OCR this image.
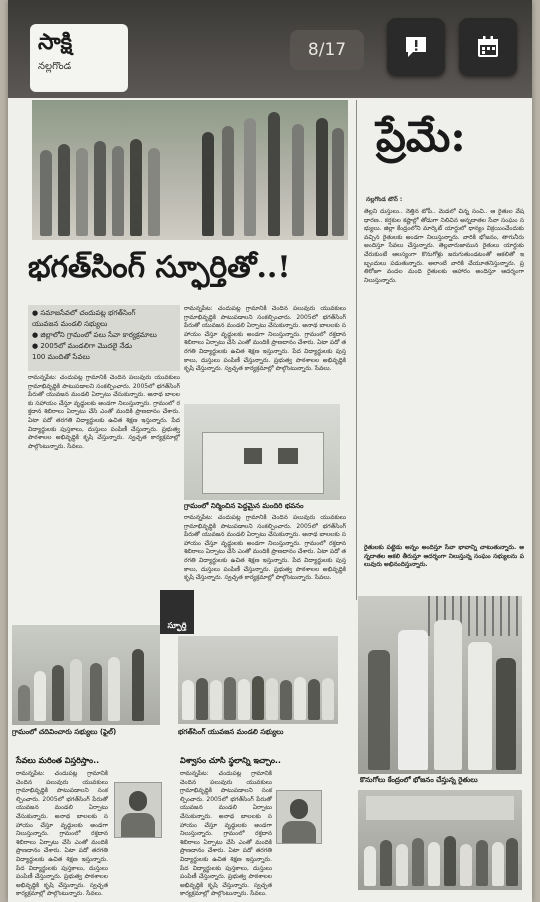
సాక్షి
నల్లగొండ
8/17
ప్రేమే:
భగత్‌సింగ్ స్ఫూర్తితో..!
● సమాజసేవలో చందుపట్ల భగత్‌సింగ్
యువజన మండలి సభ్యులు
● జిల్లాలోని గ్రామంలో పలు సేవా కార్యక్రమాలు
● 2005లో మండలిగా మొదలై నేడు
100 మందితో సేవలు
రామన్నపేట: చందుపట్ల గ్రామానికి చెందిన పలువురు యువకులు గ్రామాభివృద్ధికి పాటుపడాలని సంకల్పించారు. 2005లో భగత్‌సింగ్ పేరుతో యువజన మండలి ఏర్పాటు చేసుకున్నారు. అనాథ బాలలకు సహాయం చేస్తూ వృద్ధులకు అండగా నిలుస్తున్నారు. గ్రామంలో రక్తదాన శిబిరాలు ఏర్పాటు చేసి ఎంతో మందికి ప్రాణదానం చేశారు. ఏటా పదో తరగతి విద్యార్థులకు ఉచిత శిక్షణ ఇస్తున్నారు. పేద విద్యార్థులకు పుస్తకాలు, దుస్తులు పంపిణీ చేస్తున్నారు. ప్రభుత్వ పాఠశాలల అభివృద్ధికి కృషి చేస్తున్నారు. స్వచ్ఛత కార్యక్రమాల్లో పాల్గొంటున్నారు. సేవలు.
రామన్నపేట: చందుపట్ల గ్రామానికి చెందిన పలువురు యువకులు గ్రామాభివృద్ధికి పాటుపడాలని సంకల్పించారు. 2005లో భగత్‌సింగ్ పేరుతో యువజన మండలి ఏర్పాటు చేసుకున్నారు. అనాథ బాలలకు సహాయం చేస్తూ వృద్ధులకు అండగా నిలుస్తున్నారు. గ్రామంలో రక్తదాన శిబిరాలు ఏర్పాటు చేసి ఎంతో మందికి ప్రాణదానం చేశారు. ఏటా పదో తరగతి విద్యార్థులకు ఉచిత శిక్షణ ఇస్తున్నారు. పేద విద్యార్థులకు పుస్తకాలు, దుస్తులు పంపిణీ చేస్తున్నారు. ప్రభుత్వ పాఠశాలల అభివృద్ధికి కృషి చేస్తున్నారు. స్వచ్ఛత కార్యక్రమాల్లో పాల్గొంటున్నారు. సేవలు.
గ్రామంలో నిర్మించిన పెద్దమైన మందిరి భవనం
రామన్నపేట: చందుపట్ల గ్రామానికి చెందిన పలువురు యువకులు గ్రామాభివృద్ధికి పాటుపడాలని సంకల్పించారు. 2005లో భగత్‌సింగ్ పేరుతో యువజన మండలి ఏర్పాటు చేసుకున్నారు. అనాథ బాలలకు సహాయం చేస్తూ వృద్ధులకు అండగా నిలుస్తున్నారు. గ్రామంలో రక్తదాన శిబిరాలు ఏర్పాటు చేసి ఎంతో మందికి ప్రాణదానం చేశారు. ఏటా పదో తరగతి విద్యార్థులకు ఉచిత శిక్షణ ఇస్తున్నారు. పేద విద్యార్థులకు పుస్తకాలు, దుస్తులు పంపిణీ చేస్తున్నారు. ప్రభుత్వ పాఠశాలల అభివృద్ధికి కృషి చేస్తున్నారు. స్వచ్ఛత కార్యక్రమాల్లో పాల్గొంటున్నారు. సేవలు.
స్ఫూర్తి
గ్రామంలో చదివించారు సభ్యులు (ఫైల్)	భగత్‌సింగ్ యువజన మండలి సభ్యులు
సేవలు మరింత విస్తరిస్తాం..
రామన్నపేట: చందుపట్ల గ్రామానికి చెందిన పలువురు యువకులు గ్రామాభివృద్ధికి పాటుపడాలని సంకల్పించారు. 2005లో భగత్‌సింగ్ పేరుతో యువజన మండలి ఏర్పాటు చేసుకున్నారు. అనాథ బాలలకు సహాయం చేస్తూ వృద్ధులకు అండగా నిలుస్తున్నారు. గ్రామంలో రక్తదాన శిబిరాలు ఏర్పాటు చేసి ఎంతో మందికి ప్రాణదానం చేశారు. ఏటా పదో తరగతి విద్యార్థులకు ఉచిత శిక్షణ ఇస్తున్నారు. పేద విద్యార్థులకు పుస్తకాలు, దుస్తులు పంపిణీ చేస్తున్నారు. ప్రభుత్వ పాఠశాలల అభివృద్ధికి కృషి చేస్తున్నారు. స్వచ్ఛత కార్యక్రమాల్లో పాల్గొంటున్నారు. సేవలు.
విశ్వాసం చూసి స్థలాన్ని ఇచ్చాం..
రామన్నపేట: చందుపట్ల గ్రామానికి చెందిన పలువురు యువకులు గ్రామాభివృద్ధికి పాటుపడాలని సంకల్పించారు. 2005లో భగత్‌సింగ్ పేరుతో యువజన మండలి ఏర్పాటు చేసుకున్నారు. అనాథ బాలలకు సహాయం చేస్తూ వృద్ధులకు అండగా నిలుస్తున్నారు. గ్రామంలో రక్తదాన శిబిరాలు ఏర్పాటు చేసి ఎంతో మందికి ప్రాణదానం చేశారు. ఏటా పదో తరగతి విద్యార్థులకు ఉచిత శిక్షణ ఇస్తున్నారు. పేద విద్యార్థులకు పుస్తకాలు, దుస్తులు పంపిణీ చేస్తున్నారు. ప్రభుత్వ పాఠశాలల అభివృద్ధికి కృషి చేస్తున్నారు. స్వచ్ఛత కార్యక్రమాల్లో పాల్గొంటున్నారు. సేవలు.
నల్లగొండ టౌన్‌ :
తెల్లని దుస్తులు.. నెత్తిన టోపీ.. మెడలో చిన్న సంచి.. ఆ రైతుల వేషధారణ.. కర్షకుల కష్టాల్లో తోడుగా నిలిచిన అన్నదాతల సేవా సంఘం సభ్యులు. జిల్లా కేంద్రంలోని మార్కెట్ యార్డులో ధాన్యం విక్రయించేందుకు వచ్చిన రైతులకు అండగా నిలుస్తున్నారు. వారికి భోజనం, తాగునీరు అందిస్తూ సేవలు చేస్తున్నారు. తెల్లవారుజామున రైతులు యార్డుకు చేరుకుంటే ఆలస్యంగా కొనుగోళ్లు జరుగుతుండటంతో ఆకలితో ఇబ్బందులు పడుతున్నారు. అలాంటి వారికి చేయూతనిస్తున్నారు. ప్రతిరోజూ వందల మంది రైతులకు ఆహారం అందిస్తూ ఆదర్శంగా నిలుస్తున్నారు.
రైతులకు పట్టెడు అన్నం అందిస్తూ సేవా భావాన్ని చాటుతున్నారు. అన్నదాతల ఆకలి తీరుస్తూ ఆదర్శంగా నిలుస్తున్న సంఘం సభ్యులను పలువురు అభినందిస్తున్నారు.
కొనుగోలు కేంద్రంలో భోజనం చేస్తున్న రైతులు
